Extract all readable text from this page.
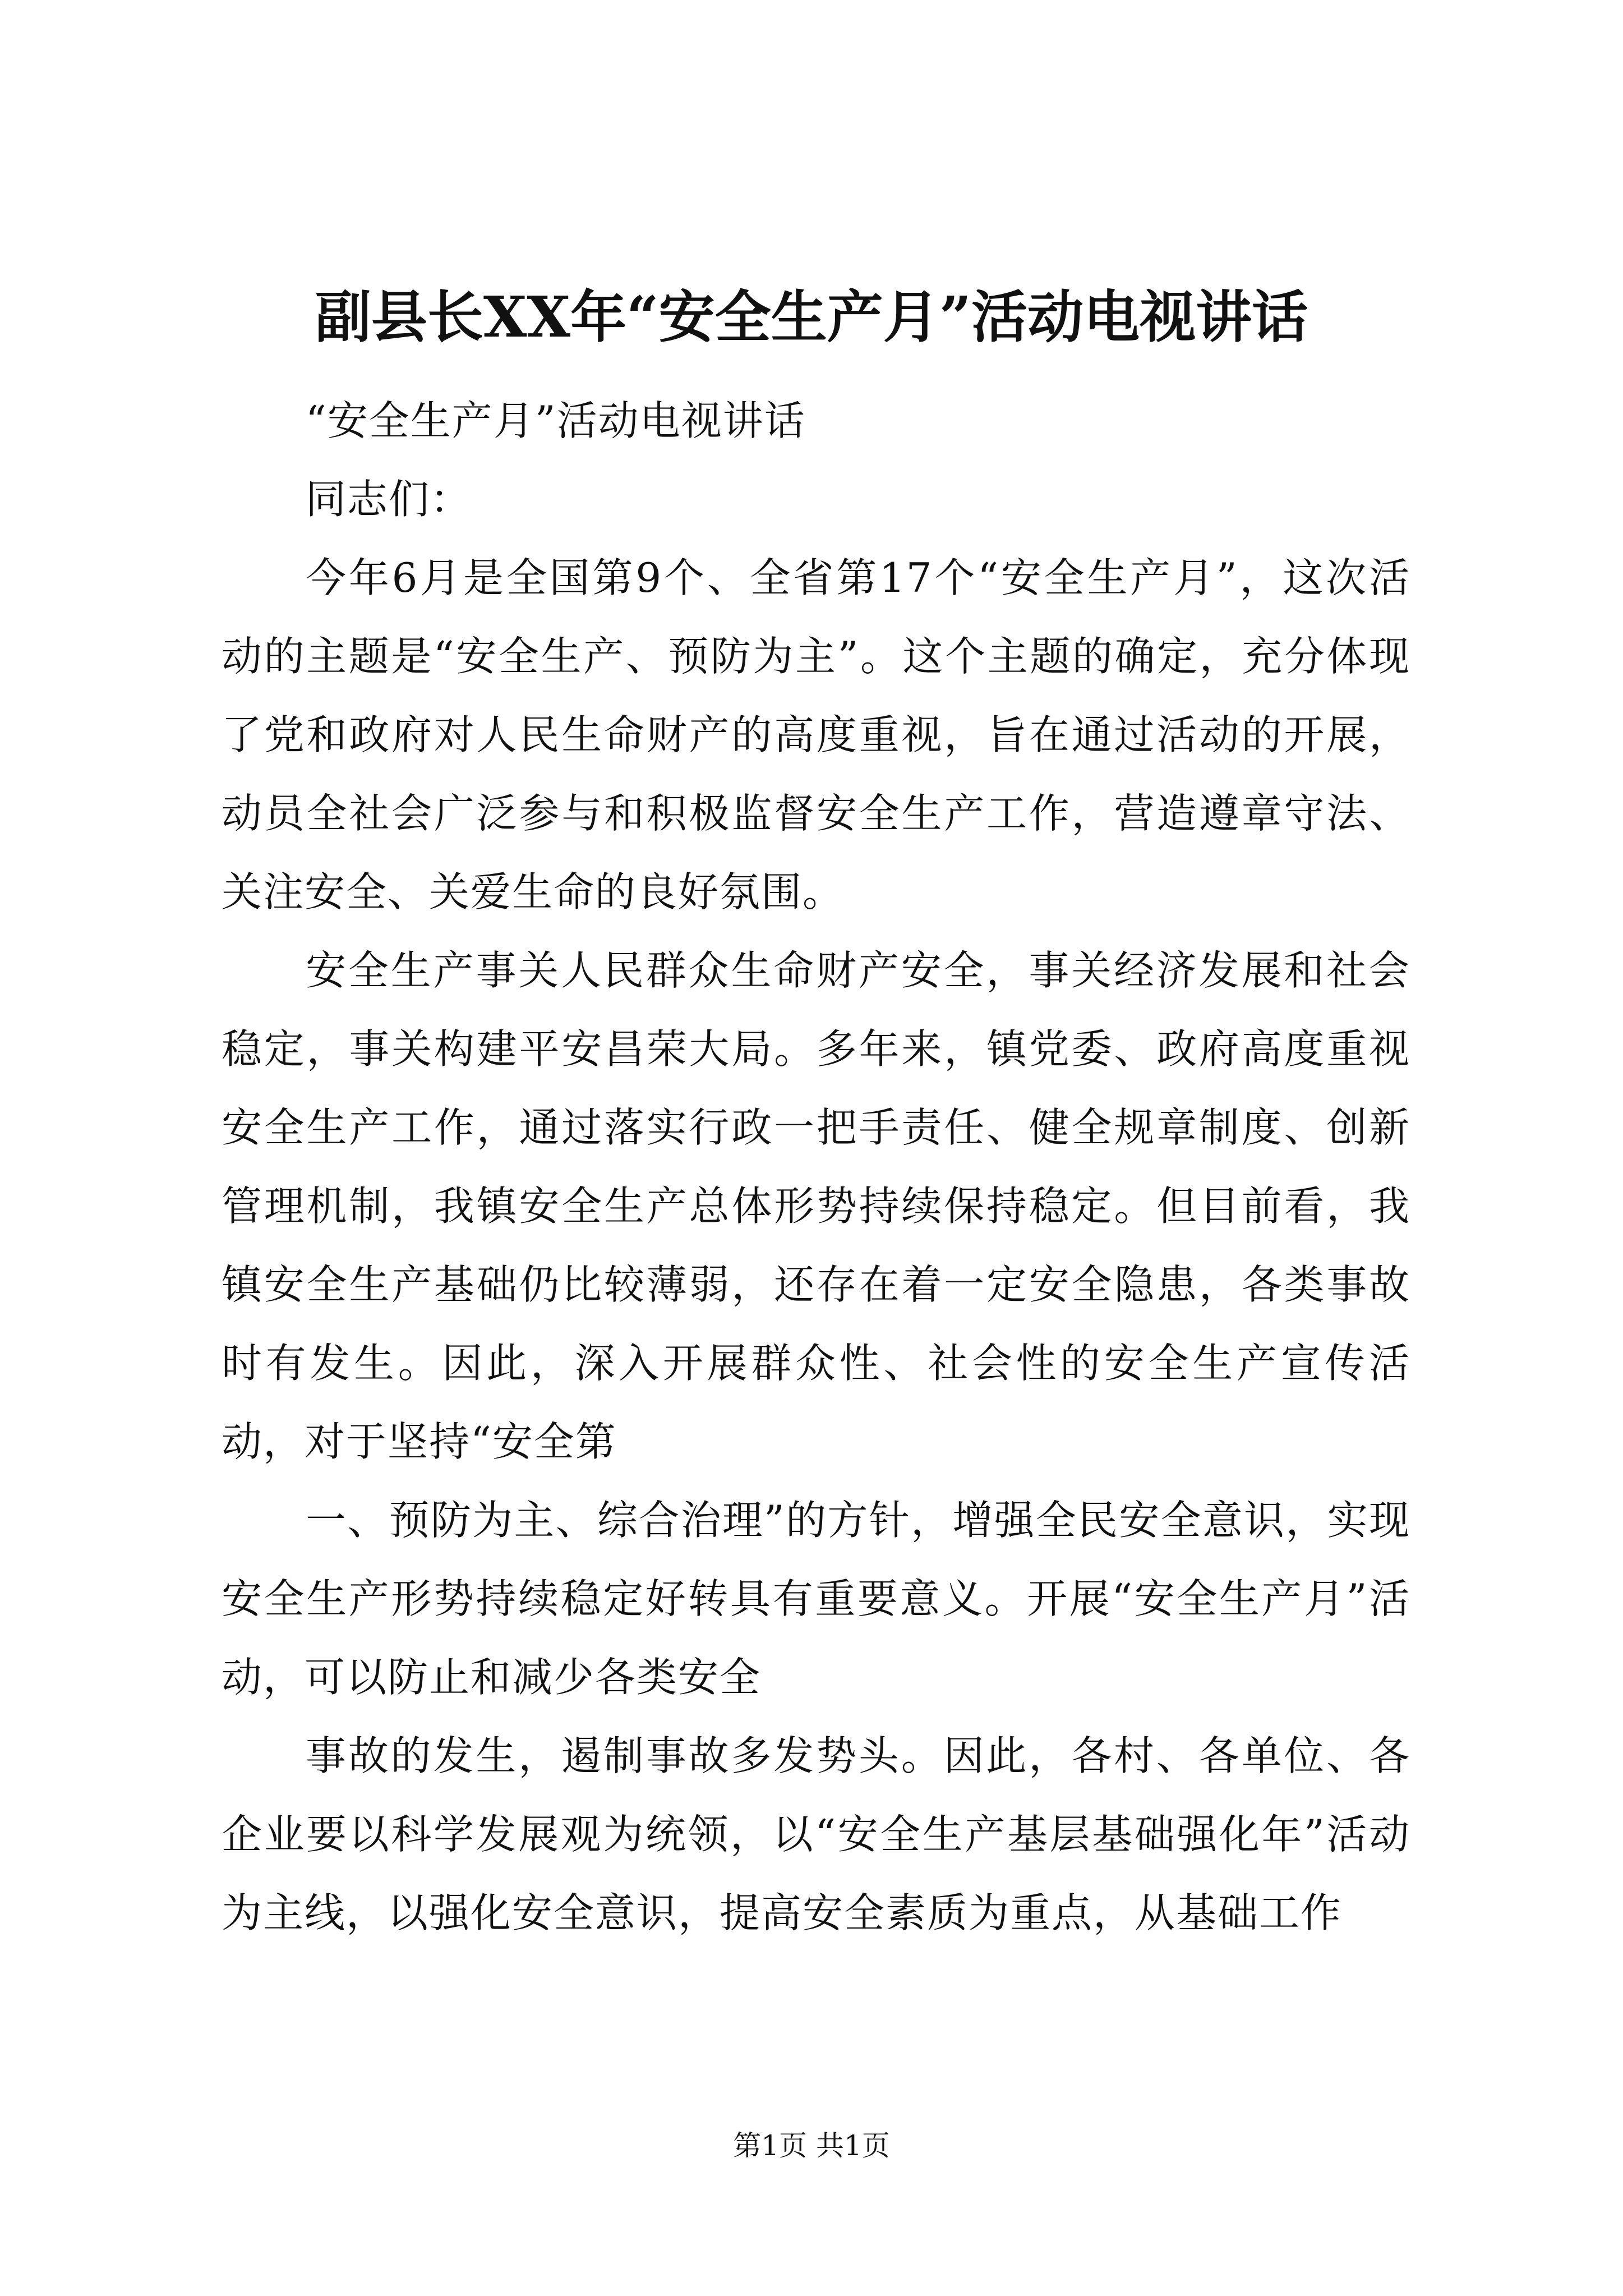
副县长XX年“安全生产月”活动电视讲话

“安全生产月”活动电视讲话

同志们：

今年6月是全国第9个、全省第17个“安全生产月”，这次活动的主题是“安全生产、预防为主”。这个主题的确定，充分体现了党和政府对人民生命财产的高度重视，旨在通过活动的开展，动员全社会广泛参与和积极监督安全生产工作，营造遵章守法、关注安全、关爱生命的良好氛围。

安全生产事关人民群众生命财产安全，事关经济发展和社会稳定，事关构建平安昌荣大局。多年来，镇党委、政府高度重视安全生产工作，通过落实行政一把手责任、健全规章制度、创新管理机制，我镇安全生产总体形势持续保持稳定。但目前看，我镇安全生产基础仍比较薄弱，还存在着一定安全隐患，各类事故时有发生。因此，深入开展群众性、社会性的安全生产宣传活动，对于坚持“安全第

一、预防为主、综合治理”的方针，增强全民安全意识，实现安全生产形势持续稳定好转具有重要意义。开展“安全生产月”活动，可以防止和减少各类安全

事故的发生，遏制事故多发势头。因此，各村、各单位、各企业要以科学发展观为统领，以“安全生产基层基础强化年”活动为主线，以强化安全意识，提高安全素质为重点，从基础工作

第1页 共1页
